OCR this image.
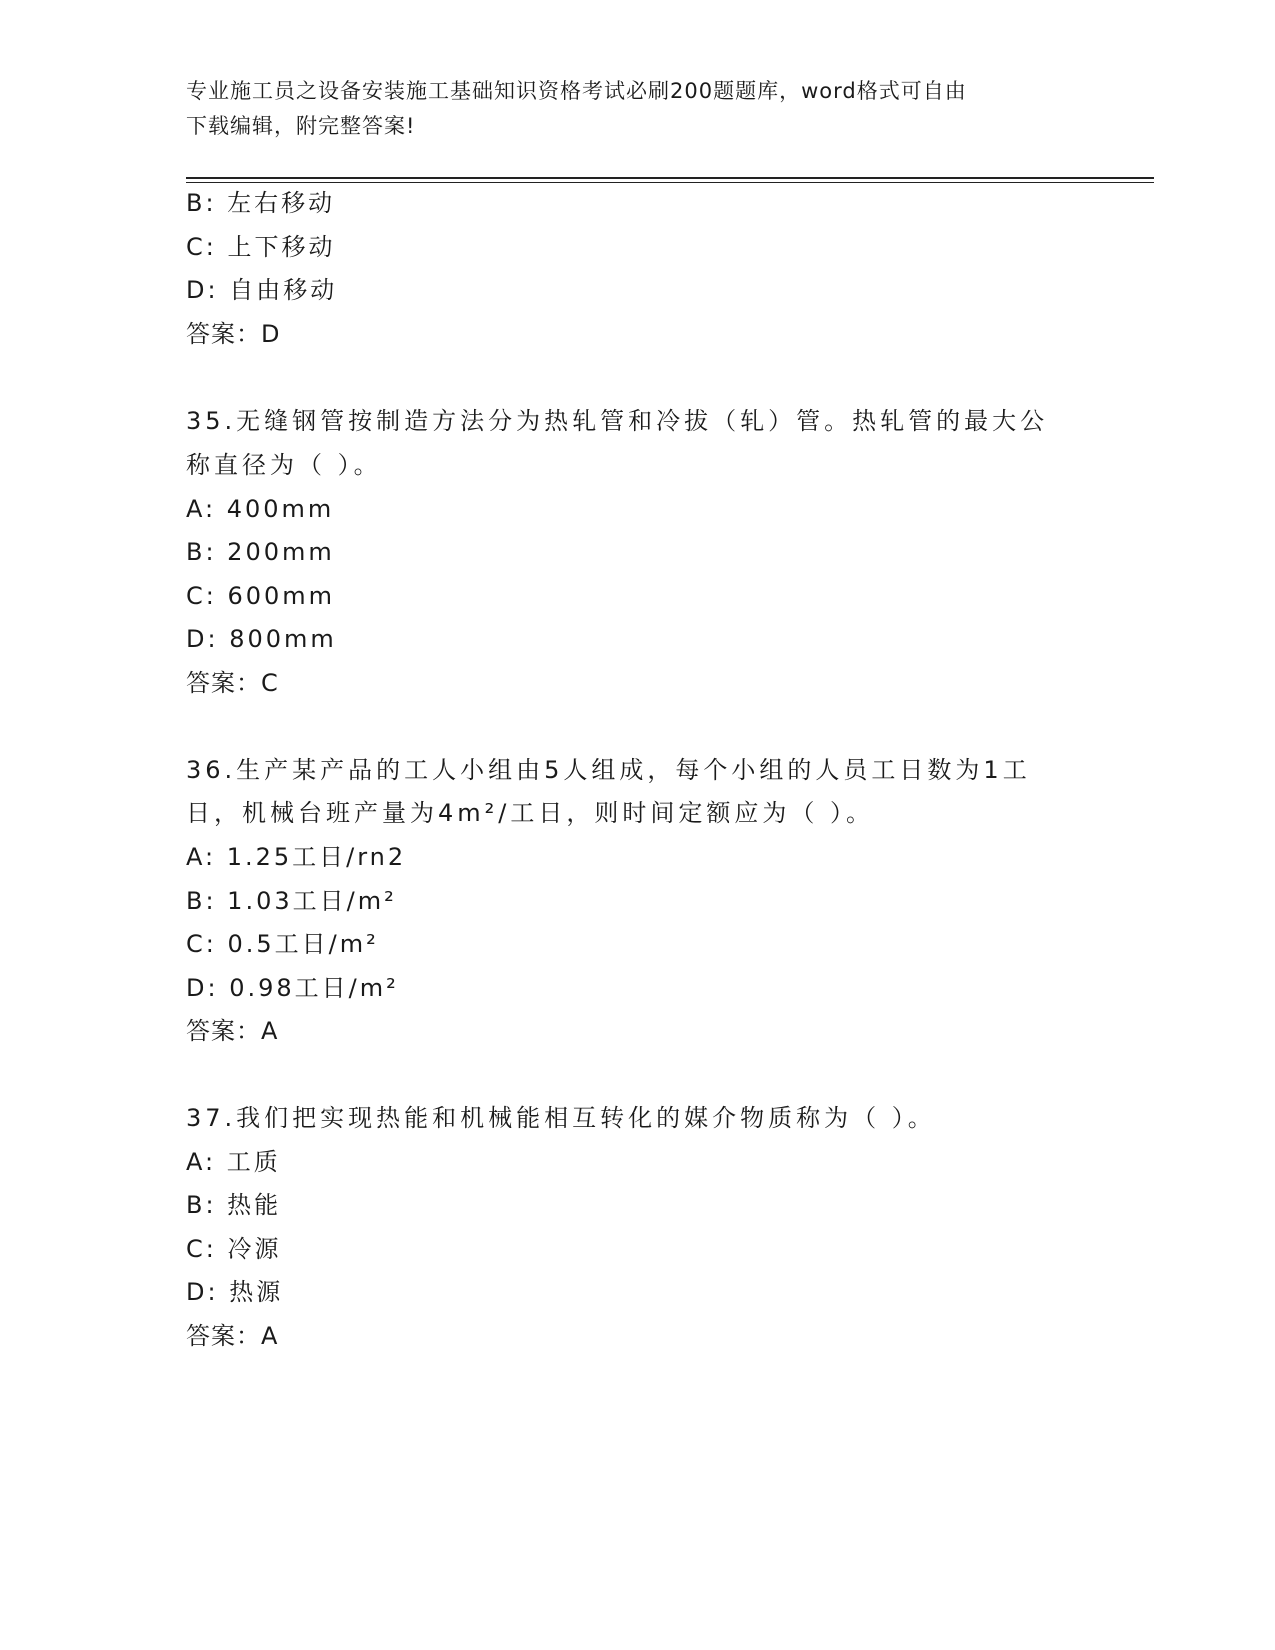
专业施工员之设备安装施工基础知识资格考试必刷200题题库，word格式可自由
下载编辑，附完整答案!
B: 左右移动
C: 上下移动
D: 自由移动
答案：D
35.无缝钢管按制造方法分为热轧管和冷拔（轧）管。热轧管的最大公
称直径为（ ）。
A: 400mm
B: 200mm
C: 600mm
D: 800mm
答案：C
36.生产某产品的工人小组由5人组成，每个小组的人员工日数为1工
日，机械台班产量为4m²/工日，则时间定额应为（ ）。
A: 1.25工日/rn2
B: 1.03工日/m²
C: 0.5工日/m²
D: 0.98工日/m²
答案：A
37.我们把实现热能和机械能相互转化的媒介物质称为（ ）。
A: 工质
B: 热能
C: 冷源
D: 热源
答案：A
